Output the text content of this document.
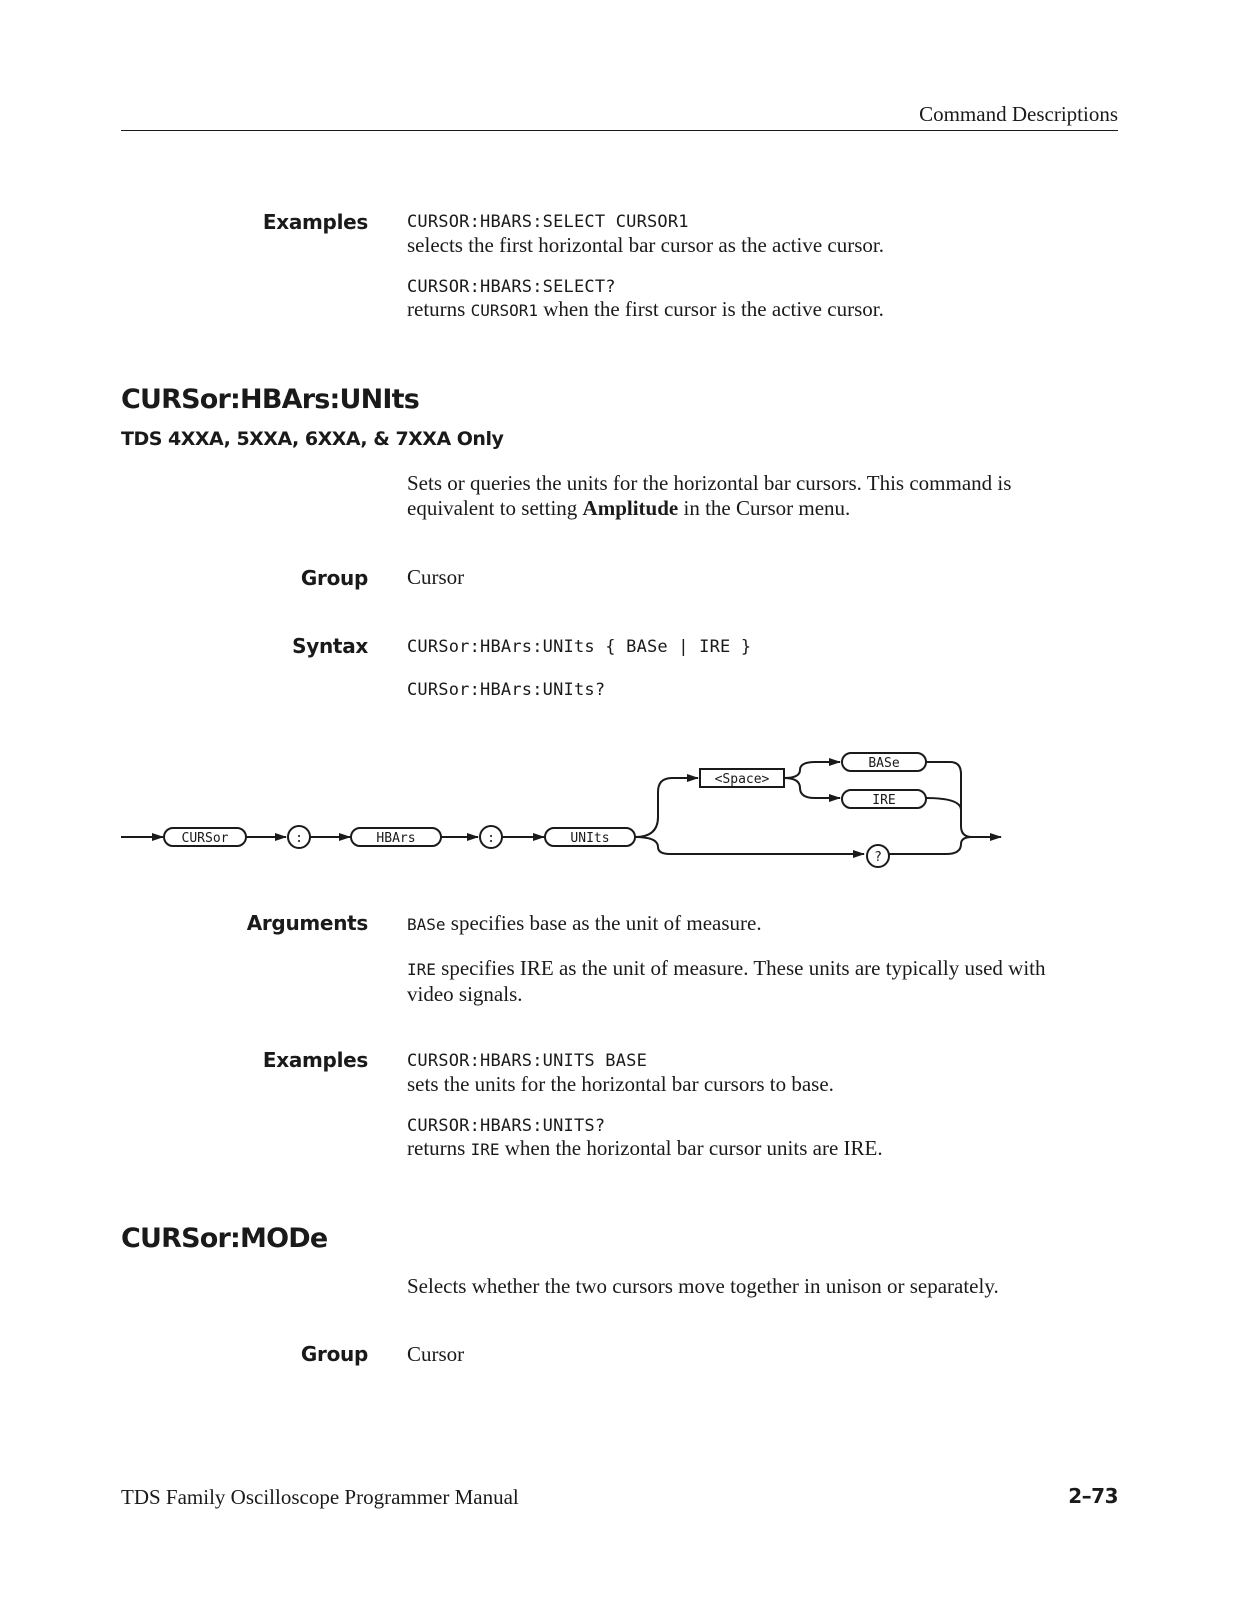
Command Descriptions
Examples CURSOR:HBARS:SELECT CURSOR1
selects the first horizontal bar cursor as the active cursor.
CURSOR:HBARS:SELECT?
returns CURSOR1 when the first cursor is the active cursor.
CURSor:HBArs:UNIts
TDS 4XXA, 5XXA, 6XXA, & 7XXA Only
Sets or queries the units for the horizontal bar cursors. This command is
equivalent to setting Amplitude in the Cursor menu.
Group Cursor
Syntax CURSor:HBArs:UNIts { BASe | IRE }
CURSor:HBArs:UNIts?
CURSor	:	HBArs	:	UNIts
<Space>
BASe
IRE
?
Arguments BASe specifies base as the unit of measure.
IRE specifies IRE as the unit of measure. These units are typically used with
video signals.
Examples CURSOR:HBARS:UNITS BASE
sets the units for the horizontal bar cursors to base.
CURSOR:HBARS:UNITS?
returns IRE when the horizontal bar cursor units are IRE.
CURSor:MODe
Selects whether the two cursors move together in unison or separately.
Group Cursor
TDS Family Oscilloscope Programmer Manual	2–73
